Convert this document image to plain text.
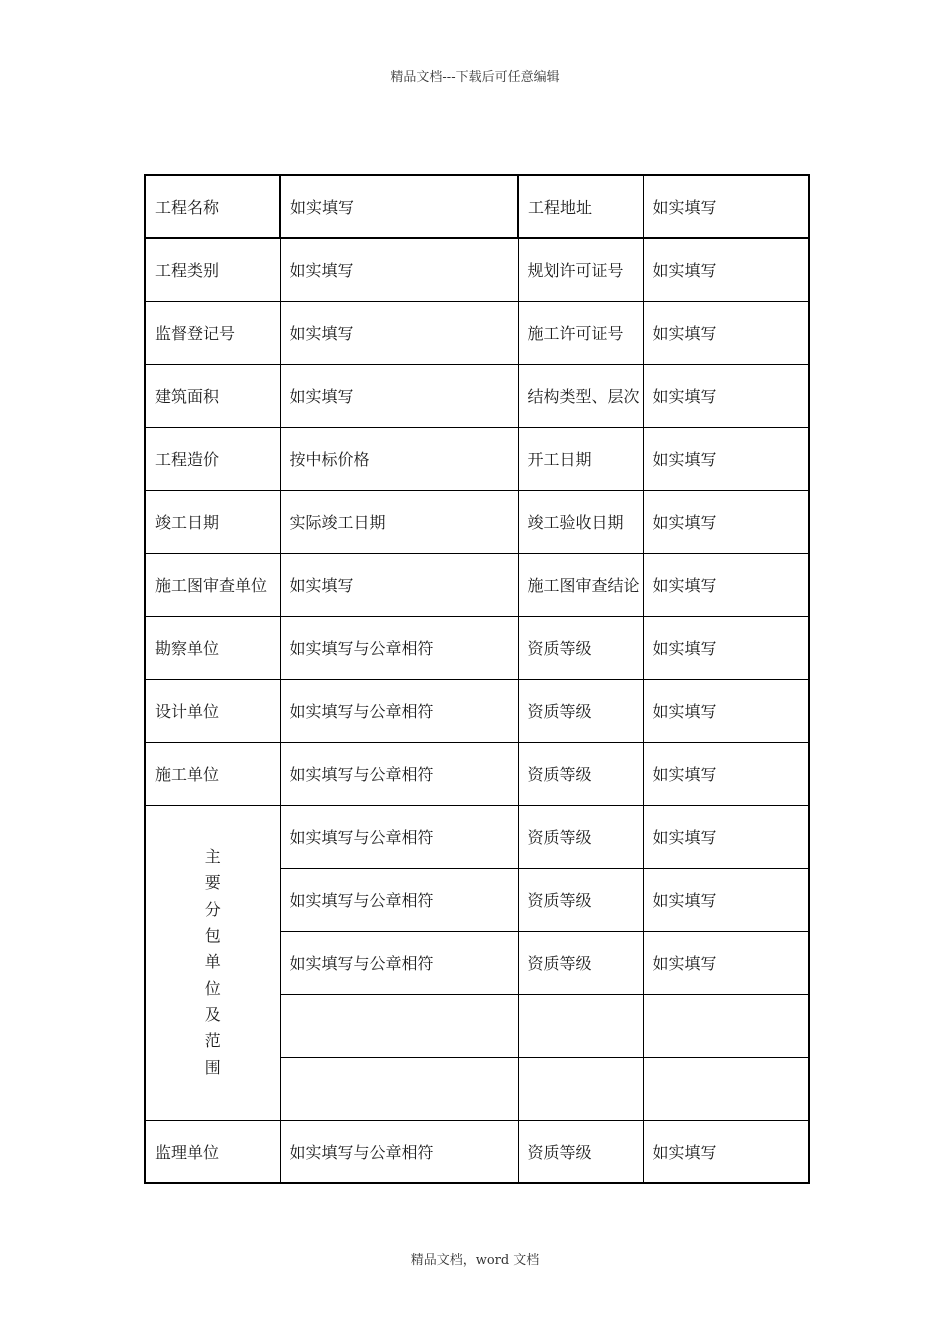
精品文档---下载后可任意编辑
工程名称	如实填写	工程地址	如实填写
工程类别	如实填写	规划许可证号	如实填写
监督登记号	如实填写	施工许可证号	如实填写
建筑面积	如实填写	结构类型、层次	如实填写
工程造价	按中标价格	开工日期	如实填写
竣工日期	实际竣工日期	竣工验收日期	如实填写
施工图审查单位	如实填写	施工图审查结论	如实填写
勘察单位	如实填写与公章相符	资质等级	如实填写
设计单位	如实填写与公章相符	资质等级	如实填写
施工单位	如实填写与公章相符	资质等级	如实填写
主要分包单位及范围	如实填写与公章相符	资质等级	如实填写
	如实填写与公章相符	资质等级	如实填写
	如实填写与公章相符	资质等级	如实填写

监理单位	如实填写与公章相符	资质等级	如实填写
精品文档，word 文档
